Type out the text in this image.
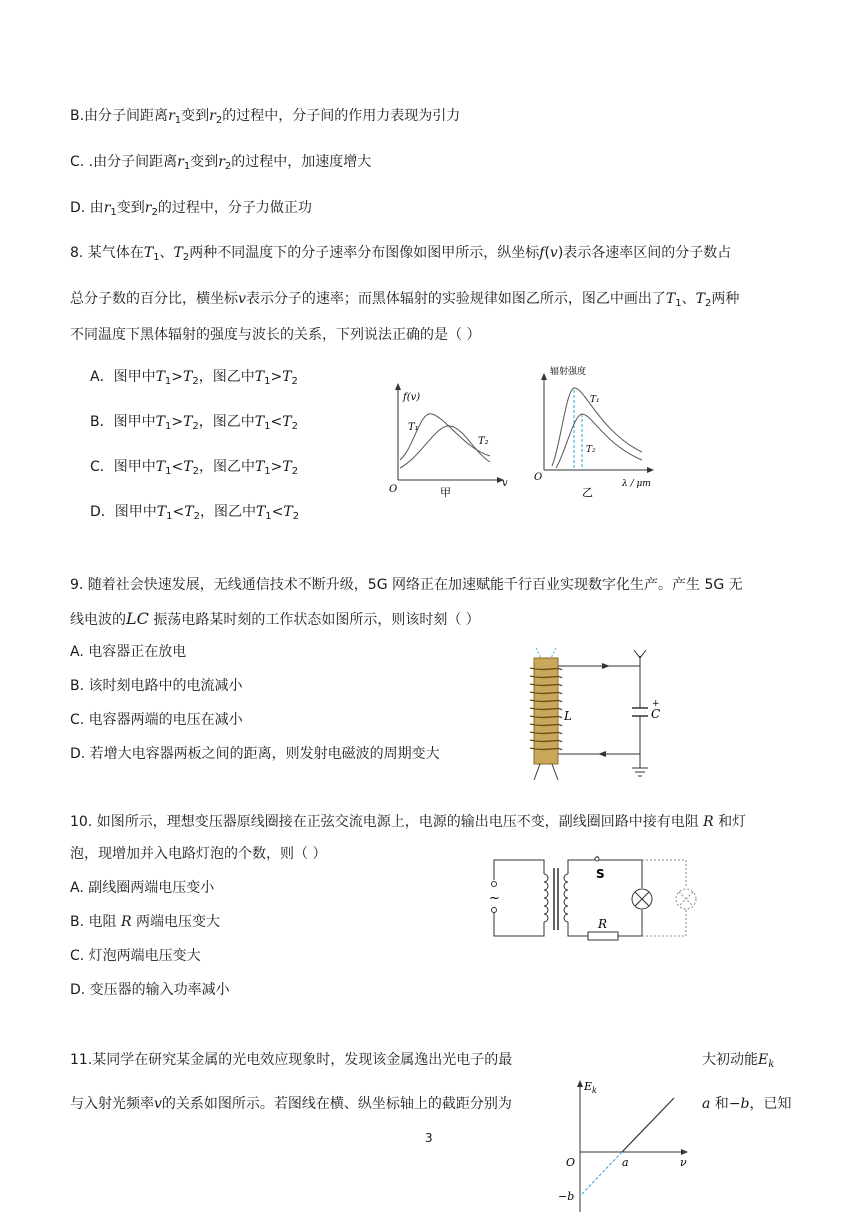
B.由分子间距离$r_1$变到$r_2$的过程中，分子间的作用力表现为引力
C. .由分子间距离$r_1$变到$r_2$的过程中，加速度增大
D. 由$r_1$变到$r_2$的过程中，分子力做正功
8. 某气体在$T_1$、$T_2$两种不同温度下的分子速率分布图像如图甲所示，纵坐标f(v)表示各速率区间的分子数占
总分子数的百分比，横坐标v表示分子的速率；而黑体辐射的实验规律如图乙所示，图乙中画出了$T_1$、$T_2$两种
不同温度下黑体辐射的强度与波长的关系，下列说法正确的是（ ）
A．图甲中$T_1>T_2$，图乙中$T_1>T_2$
B．图甲中$T_1>T_2$，图乙中$T_1<T_2$
C．图甲中$T_1<T_2$，图乙中$T_1>T_2$
D．图甲中$T_1<T_2$，图乙中$T_1<T_2$
f(v)
T₁
T₂
O
v
甲
辐射强度
T₁
T₂
O
λ / μm
乙
9. 随着社会快速发展，无线通信技术不断升级，5G 网络正在加速赋能千行百业实现数字化生产。产生 5G 无
线电波的LC 振荡电路某时刻的工作状态如图所示，则该时刻（ ）
A. 电容器正在放电
B. 该时刻电路中的电流减小
C. 电容器两端的电压在减小
D. 若增大电容器两板之间的距离，则发射电磁波的周期变大
L
+
C
10. 如图所示，理想变压器原线圈接在正弦交流电源上，电源的输出电压不变，副线圈回路中接有电阻 R 和灯
泡，现增加并入电路灯泡的个数，则（ ）
A. 副线圈两端电压变小
B. 电阻 R 两端电压变大
C. 灯泡两端电压变大
D. 变压器的输入功率减小
~
S
R
11.某同学在研究某金属的光电效应现象时，发现该金属逸出光电子的最	大初动能$E_k$
与入射光频率v的关系如图所示。若图线在横、纵坐标轴上的截距分别为	a 和−b，已知
$E_k$
O	a	ν
−b
3
